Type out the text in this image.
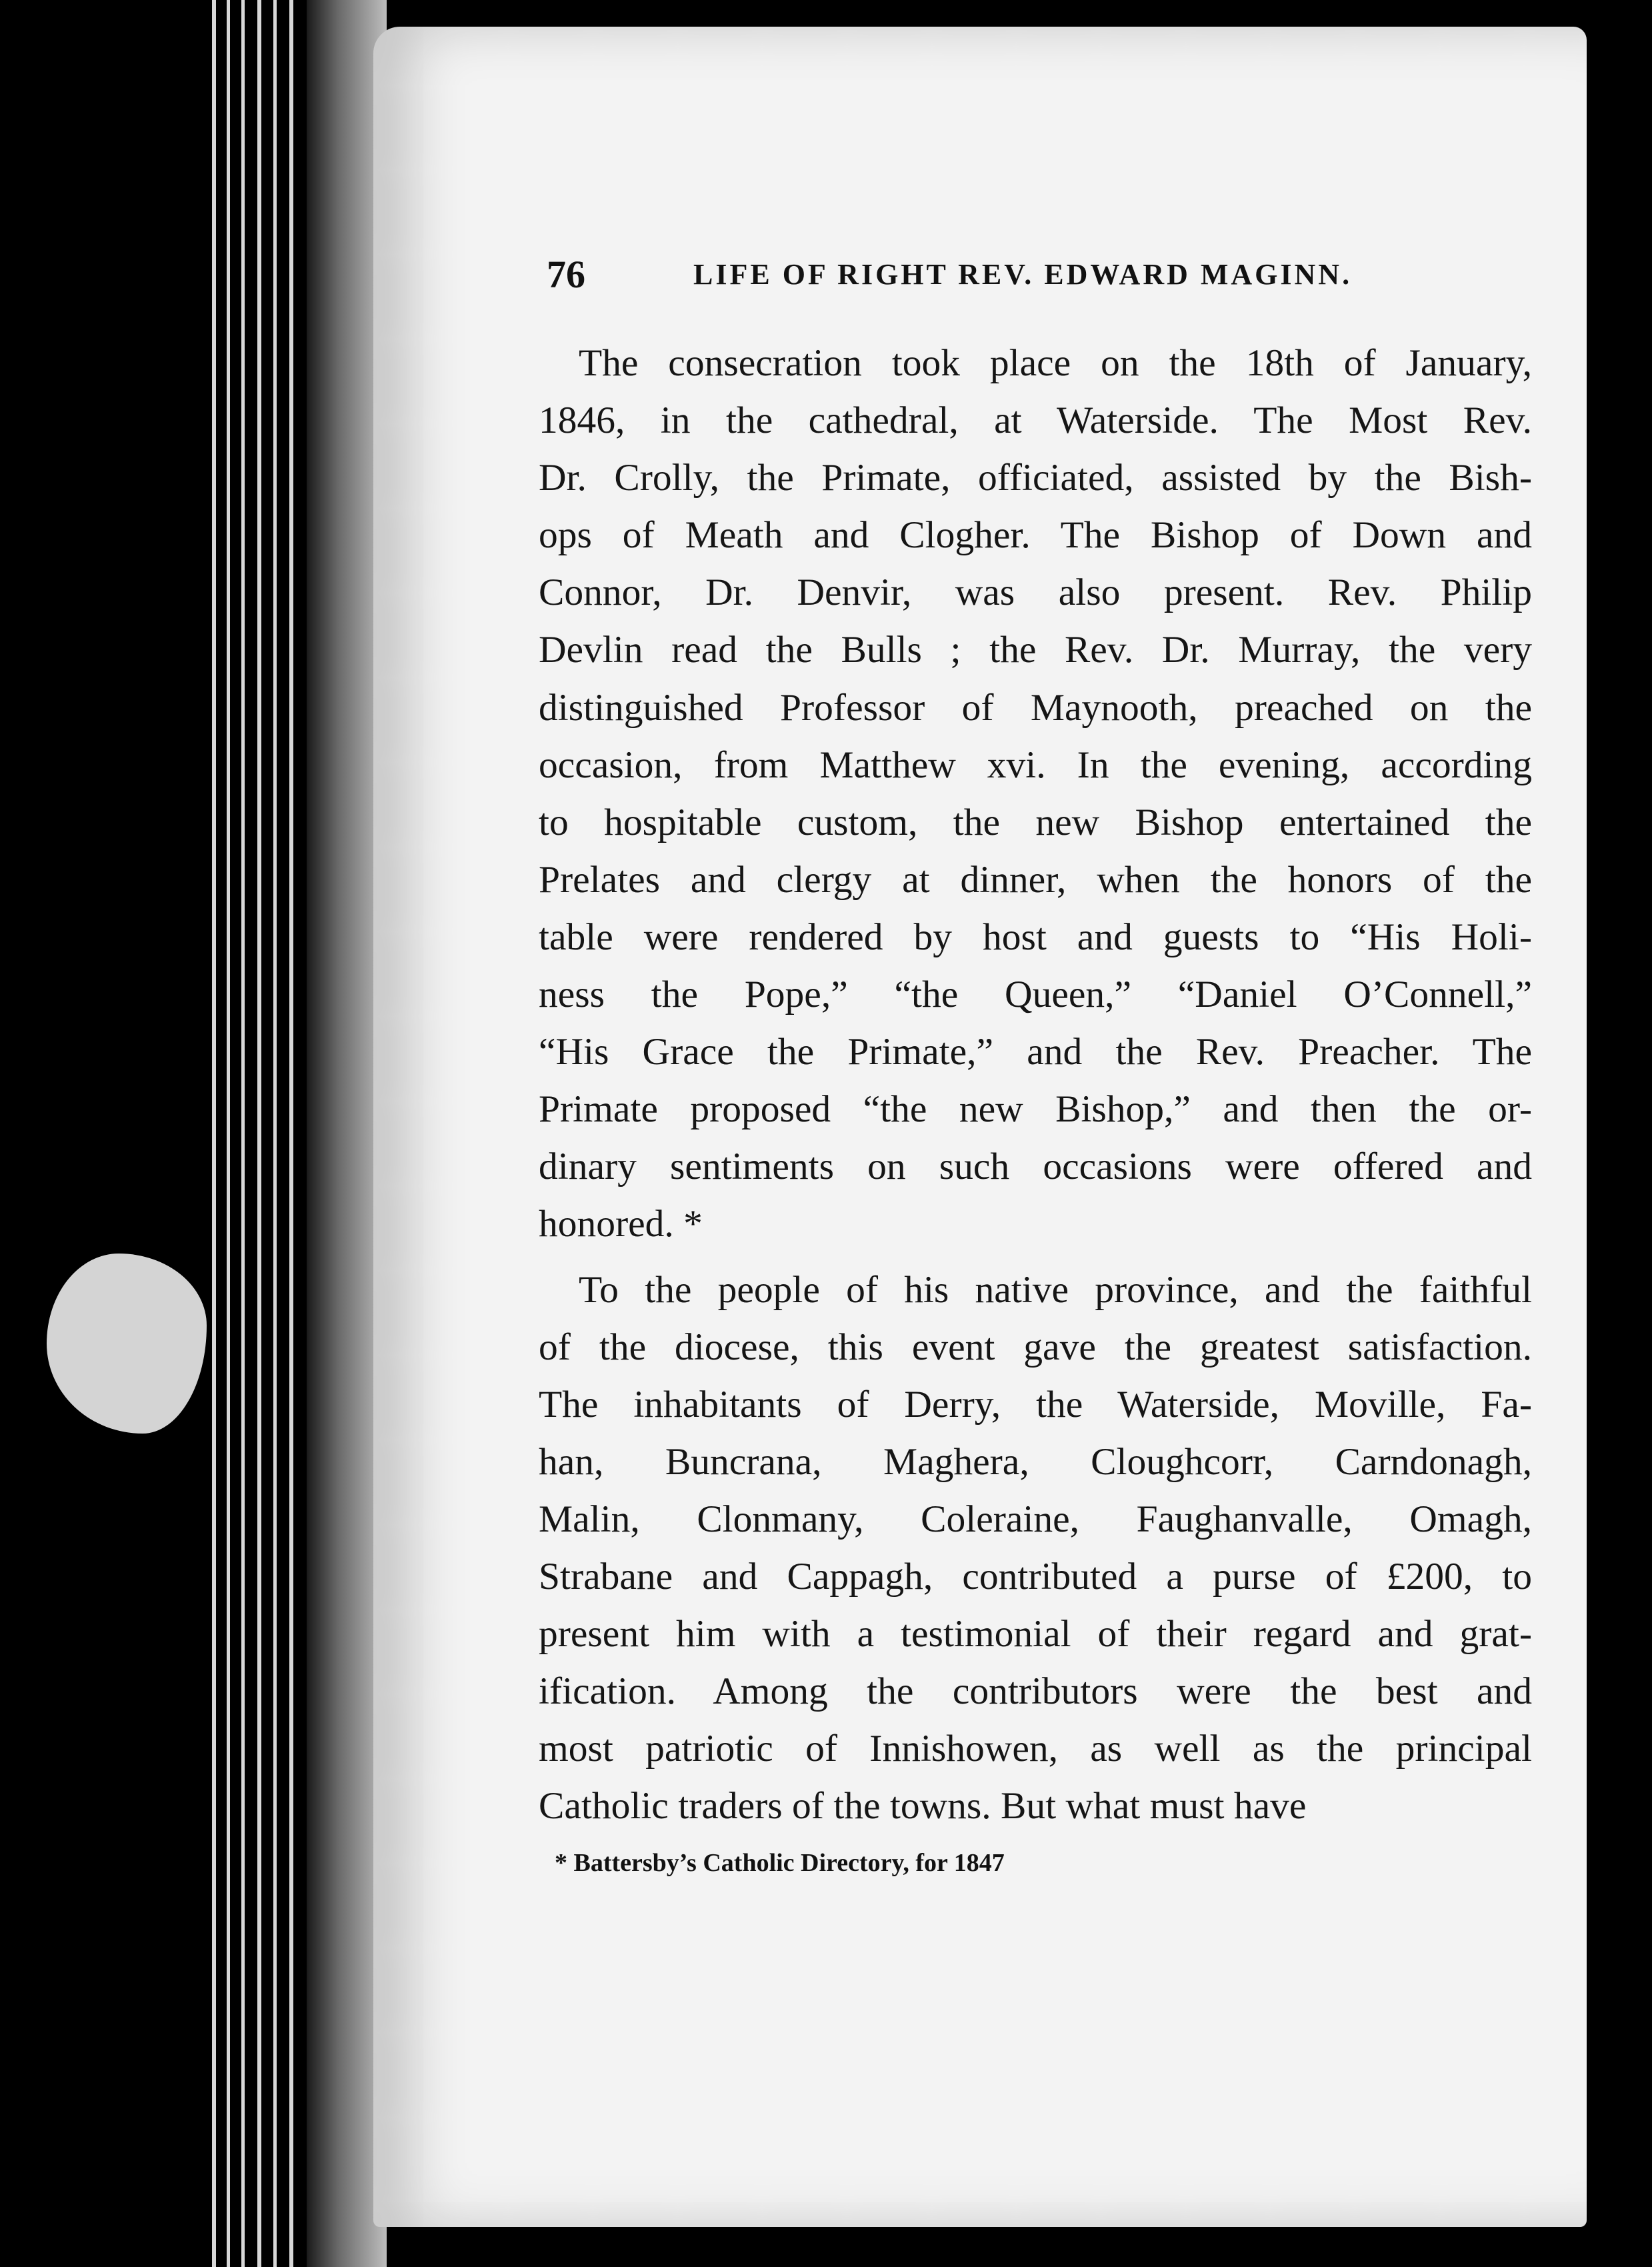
76	LIFE OF RIGHT REV. EDWARD MAGINN.
The consecration took place on the 18th of January,
1846, in the cathedral, at Waterside. The Most Rev.
Dr. Crolly, the Primate, officiated, assisted by the Bish-
ops of Meath and Clogher. The Bishop of Down and
Connor, Dr. Denvir, was also present. Rev. Philip
Devlin read the Bulls ; the Rev. Dr. Murray, the very
distinguished Professor of Maynooth, preached on the
occasion, from Matthew xvi. In the evening, according
to hospitable custom, the new Bishop entertained the
Prelates and clergy at dinner, when the honors of the
table were rendered by host and guests to “His Holi-
ness the Pope,” “the Queen,” “Daniel O’Connell,”
“His Grace the Primate,” and the Rev. Preacher. The
Primate proposed “the new Bishop,” and then the or-
dinary sentiments on such occasions were offered and
honored. *
To the people of his native province, and the faithful
of the diocese, this event gave the greatest satisfaction.
The inhabitants of Derry, the Waterside, Moville, Fa-
han, Buncrana, Maghera, Cloughcorr, Carndonagh,
Malin, Clonmany, Coleraine, Faughanvalle, Omagh,
Strabane and Cappagh, contributed a purse of £200, to
present him with a testimonial of their regard and grat-
ification. Among the contributors were the best and
most patriotic of Innishowen, as well as the principal
Catholic traders of the towns. But what must have
* Battersby’s Catholic Directory, for 1847
